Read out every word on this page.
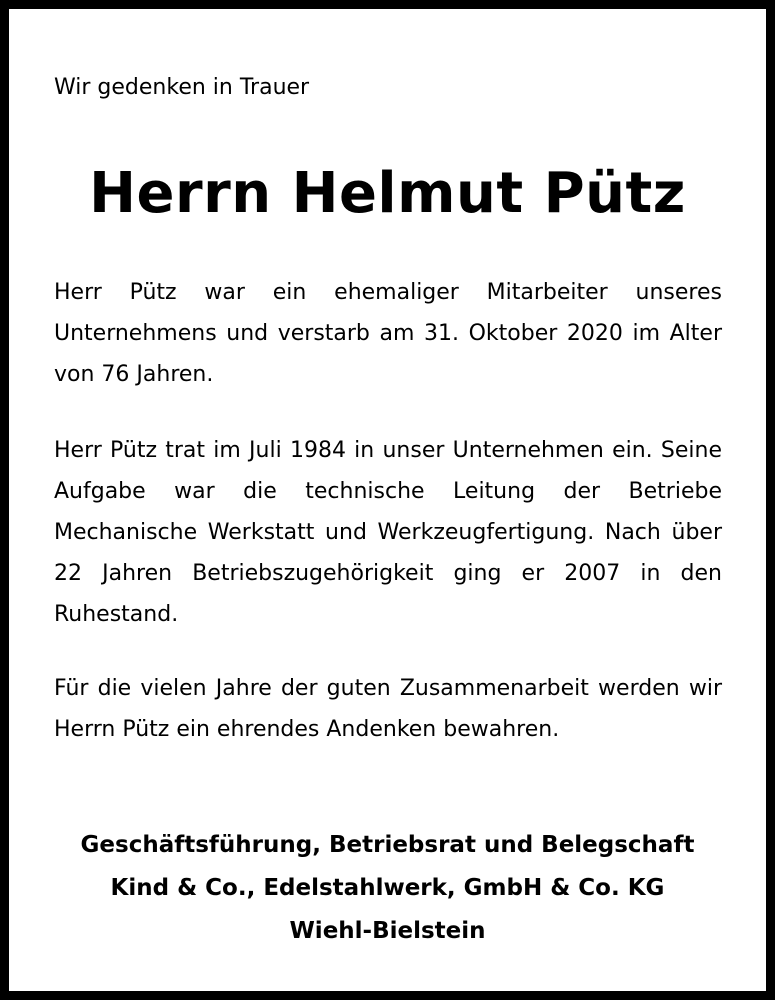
Wir gedenken in Trauer

Herrn Helmut Pütz

Herr Pütz war ein ehemaliger Mitarbeiter unseres Unternehmens und verstarb am 31. Oktober 2020 im Alter von 76 Jahren.

Herr Pütz trat im Juli 1984 in unser Unternehmen ein. Seine Aufgabe war die technische Leitung der Betriebe Mechanische Werkstatt und Werkzeugfertigung. Nach über 22 Jahren Betriebszugehörigkeit ging er 2007 in den Ruhestand.

Für die vielen Jahre der guten Zusammenarbeit werden wir Herrn Pütz ein ehrendes Andenken bewahren.

Geschäftsführung, Betriebsrat und Belegschaft
Kind & Co., Edelstahlwerk, GmbH & Co. KG
Wiehl-Bielstein
